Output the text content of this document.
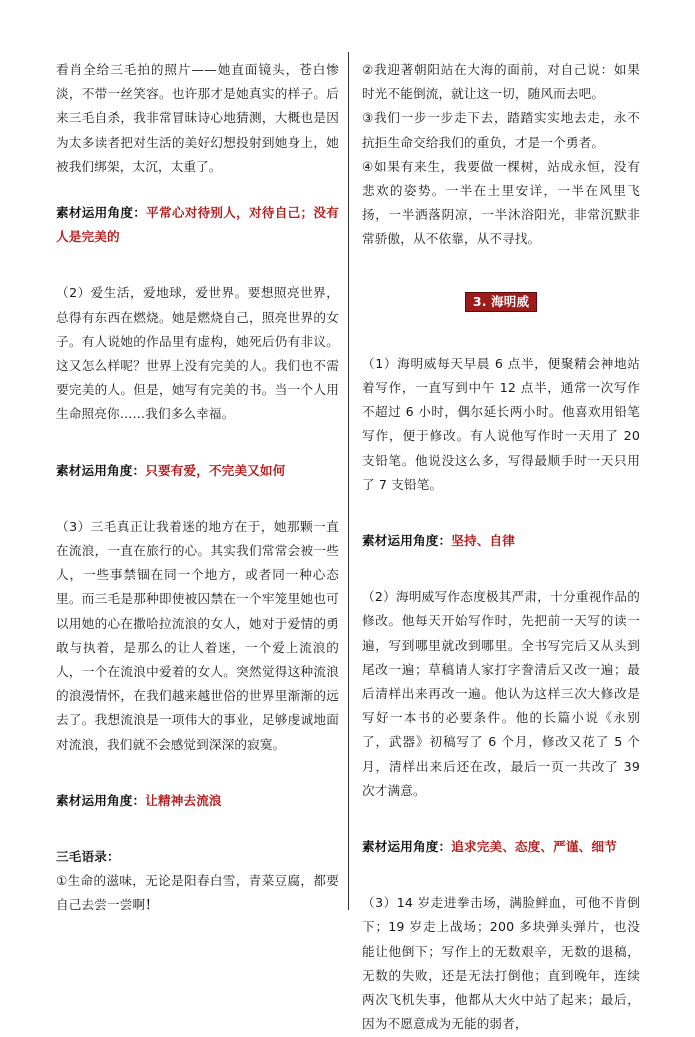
看肖全给三毛拍的照片——她直面镜头，苍白惨淡，不带一丝笑容。也许那才是她真实的样子。后来三毛自杀，我非常冒昧诗心地猜测，大概也是因为太多读者把对生活的美好幻想投射到她身上，她被我们绑架，太沉，太重了。

素材运用角度：平常心对待别人，对待自己；没有人是完美的

（2）爱生活，爱地球，爱世界。要想照亮世界，总得有东西在燃烧。她是燃烧自己，照亮世界的女子。有人说她的作品里有虚构，她死后仍有非议。这又怎么样呢？世界上没有完美的人。我们也不需要完美的人。但是，她写有完美的书。当一个人用生命照亮你……我们多么幸福。

素材运用角度：只要有爱，不完美又如何

（3）三毛真正让我着迷的地方在于，她那颗一直在流浪，一直在旅行的心。其实我们常常会被一些人，一些事禁锢在同一个地方，或者同一种心态里。而三毛是那种即使被囚禁在一个牢笼里她也可以用她的心在撒哈拉流浪的女人，她对于爱情的勇敢与执着，是那么的让人着迷，一个爱上流浪的人，一个在流浪中爱着的女人。突然觉得这种流浪的浪漫情怀，在我们越来越世俗的世界里渐渐的远去了。我想流浪是一项伟大的事业，足够虔诚地面对流浪，我们就不会感觉到深深的寂寞。

素材运用角度：让精神去流浪

三毛语录：

①生命的滋味，无论是阳春白雪，青菜豆腐，都要自己去尝一尝啊！

②我迎著朝阳站在大海的面前，对自己说：如果时光不能倒流，就让这一切，随风而去吧。

③我们一步一步走下去，踏踏实实地去走，永不抗拒生命交给我们的重负，才是一个勇者。

④如果有来生，我要做一棵树，站成永恒，没有悲欢的姿势。一半在土里安详，一半在风里飞扬，一半洒落阴凉，一半沐浴阳光，非常沉默非常骄傲，从不依靠，从不寻找。

3. 海明威

（1）海明威每天早晨 6 点半，便聚精会神地站着写作，一直写到中午 12 点半，通常一次写作不超过 6 小时，偶尔延长两小时。他喜欢用铅笔写作，便于修改。有人说他写作时一天用了 20 支铅笔。他说没这么多，写得最顺手时一天只用了 7 支铅笔。

素材运用角度：坚持、自律

（2）海明威写作态度极其严肃，十分重视作品的修改。他每天开始写作时，先把前一天写的读一遍，写到哪里就改到哪里。全书写完后又从头到尾改一遍；草稿请人家打字誊清后又改一遍；最后清样出来再改一遍。他认为这样三次大修改是写好一本书的必要条件。他的长篇小说《永别了，武器》初稿写了 6 个月，修改又花了 5 个月，清样出来后还在改，最后一页一共改了 39 次才满意。

素材运用角度：追求完美、态度、严谨、细节

（3）14 岁走进拳击场，满脸鲜血，可他不肯倒下；19 岁走上战场；200 多块弹头弹片，也没能让他倒下；写作上的无数艰辛，无数的退稿，无数的失败，还是无法打倒他；直到晚年，连续两次飞机失事，他都从大火中站了起来；最后，因为不愿意成为无能的弱者，
